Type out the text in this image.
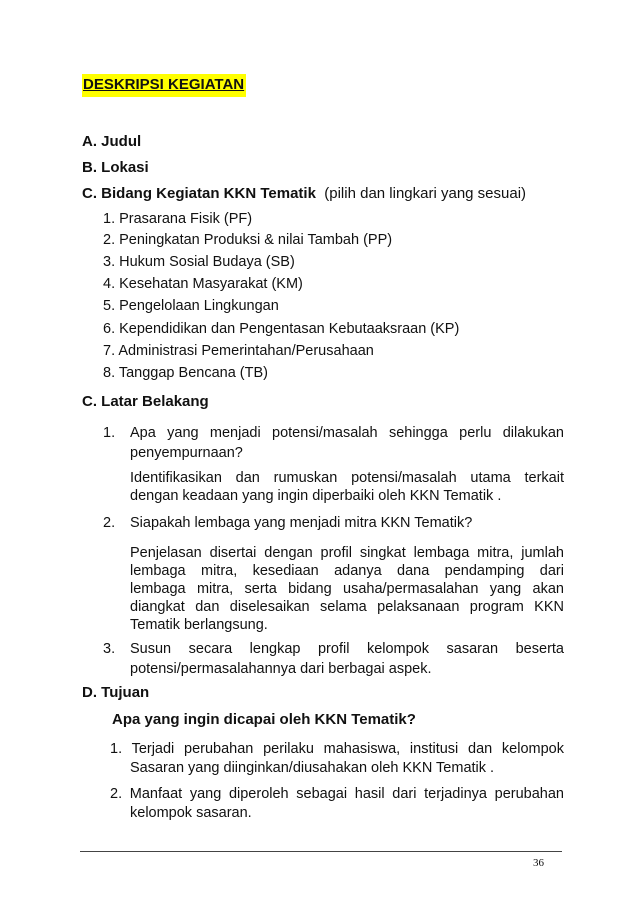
DESKRIPSI KEGIATAN
A. Judul
B. Lokasi
C. Bidang Kegiatan KKN Tematik (pilih dan lingkari yang sesuai)
1. Prasarana Fisik (PF)
2. Peningkatan Produksi & nilai Tambah (PP)
3. Hukum Sosial Budaya (SB)
4. Kesehatan Masyarakat (KM)
5. Pengelolaan Lingkungan
6. Kependidikan dan Pengentasan Kebutaaksraan (KP)
7. Administrasi Pemerintahan/Perusahaan
8. Tanggap Bencana (TB)
C. Latar Belakang
1. Apa yang menjadi potensi/masalah sehingga perlu dilakukan
penyempurnaan?
Identifikasikan dan rumuskan potensi/masalah utama terkait
dengan keadaan yang ingin diperbaiki oleh KKN Tematik .
2. Siapakah lembaga yang menjadi mitra KKN Tematik?
Penjelasan disertai dengan profil singkat lembaga mitra, jumlah
lembaga mitra, kesediaan adanya dana pendamping dari
lembaga mitra, serta bidang usaha/permasalahan yang akan
diangkat dan diselesaikan selama pelaksanaan program KKN
Tematik berlangsung.
3. Susun secara lengkap profil kelompok sasaran beserta
potensi/permasalahannya dari berbagai aspek.
D. Tujuan
Apa yang ingin dicapai oleh KKN Tematik?
1. Terjadi perubahan perilaku mahasiswa, institusi dan kelompok
Sasaran yang diinginkan/diusahakan oleh KKN Tematik .
2. Manfaat yang diperoleh sebagai hasil dari terjadinya perubahan
kelompok sasaran.
36
